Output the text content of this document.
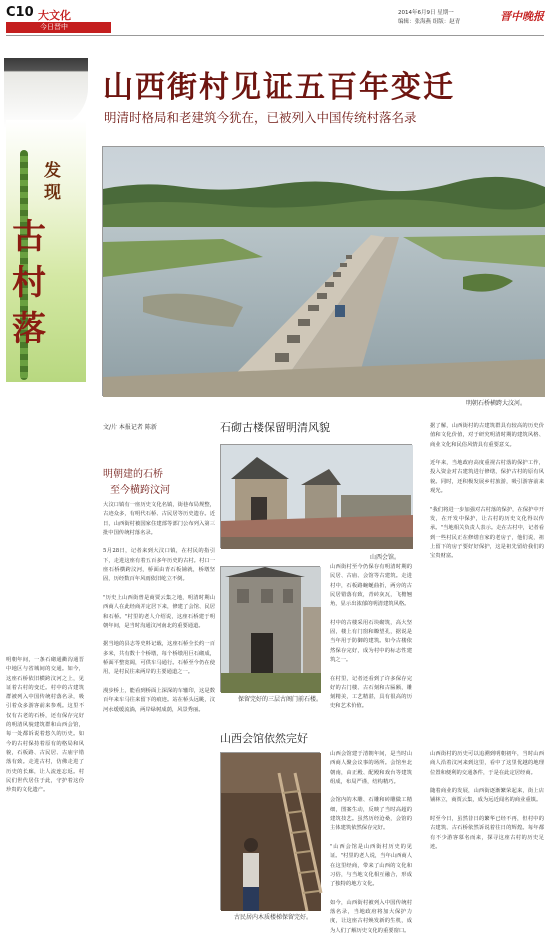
C10 大文化
今日晋中
2014年6月9日 星期一
编辑：张海燕 组版：赵青	晋中晚报
发现
古村落
明朝年间，一条石砌通衢沟通晋中地区与省城间的交通。如今，这座石桥依旧横跨汶河之上，见证着古村的变迁。村中的古建筑群被列入中国传统村落名录，吸引着众多游客前来参观。这里不仅有古老的石桥，还有保存完好的明清风貌建筑群和山西会馆，每一处都诉说着悠久的历史。如今的古村保持着原有的格局和风貌，石板路、古民居、古庙宇错落有致。走进古村，仿佛走进了历史的长廊，让人流连忘返。村民们世代居住于此，守护着这份珍贵的文化遗产。
山西街村见证五百年变迁
明清时格局和老建筑今犹在，已被列入中国传统村落名录
明朝石桥横跨大汶河。
文/片 本报记者 陈新	石砌古楼保留明清风貌
明朝建的石桥
至今横跨汶河
山西会馆。
保留完好的三层古阁门前石楼。
山西会馆依然完好
古民居内木质楼梯保留完好。
大汶口镇有一座历史文化名镇，街巷布局规整，古迹众多，有明代石桥、古民居等历史遗存。近日，山西街村被国家住建部等部门公布列入第三批中国传统村落名录。

5月28日，记者来到大汶口镇，在村民的指引下，走进这座有着五百多年历史的古村。村口一座石桥横跨汶河，桥面由青石板铺就，桥墩坚固，历经数百年风雨依旧屹立不倒。

"历史上山西街曾是商贾云集之地，明清时期山西商人在此经商并定居下来，修建了会馆、民居和石桥。"村里的老人介绍说，这座石桥建于明朝年间，是当时沟通汶河南北的重要通道。

据当地的县志等史料记载，这座石桥全长约一百多米，共有数十个桥墩，每个桥墩用巨石砌成，桥面平整宽阔，可供车马通行。石桥至今仍在使用，是村民往来两岸的主要通道之一。

漫步桥上，能看到桥面上深深的车辙印，这是数百年来车马往来留下的痕迹。站在桥头远眺，汶河水缓缓流淌，两岸绿树成荫，风景秀丽。
山西街村至今仍保存有明清时期的民居、古庙、会馆等古建筑。走进村中，石板路蜿蜒曲折，两旁的古民居错落有致，青砖灰瓦，飞檐翘角，显示出浓郁的明清建筑风格。

村中的古楼采用石块砌筑，高大坚固，楼上有门窗和瞭望孔，据说是当年用于防御的建筑。如今古楼依然保存完好，成为村中的标志性建筑之一。

在村里，记者还看到了许多保存完好的古门楼、古石刻和古匾额，雕刻精美，工艺精湛，具有很高的历史和艺术价值。
山西会馆建于清朝年间，是当时山西商人聚会议事的场所。会馆坐北朝南，由正殿、配殿和戏台等建筑组成，布局严谨，结构精巧。

会馆内的木雕、石雕和砖雕做工精细，图案生动，反映了当时高超的建筑技艺。虽然历经沧桑，会馆的主体建筑依然保存完好。

"山西会馆是山西街村历史的见证。"村里的老人说，当年山西商人在这里经商，带来了山西的文化和习俗，与当地文化相互融合，形成了独特的地方文化。

如今，山西街村被列入中国传统村落名录，当地政府将加大保护力度，让这座古村焕发新的生机，成为人们了解历史文化的重要窗口。
据了解，山西街村的古建筑群具有较高的历史价值和文化价值，对于研究明清时期的建筑风格、商业文化和民俗风情具有重要意义。

近年来，当地政府高度重视古村落的保护工作，投入资金对古建筑进行修缮，保护古村的原有风貌。同时，还积极发展乡村旅游，吸引游客前来观光。

"我们将进一步加强对古村落的保护，在保护中开发，在开发中保护，让古村的历史文化得以传承。"当地相关负责人表示。走在古村中，记者看到一些村民正在修缮自家的老房子，他们说，祖上留下的房子要好好保护，这是祖先留给我们的宝贵财富。
山西街村的历史可以追溯到明朝初年，当时山西商人沿着汶河来到这里，看中了这里优越的地理位置和便利的交通条件，于是在此定居经商。

随着商业的发展，山西街逐渐繁荣起来，街上店铺林立，商贾云集，成为远近闻名的商业重镇。

时至今日，虽然昔日的繁华已经不再，但村中的古建筑、古石桥依然诉说着往日的辉煌。每年都有不少游客慕名而来，探寻这座古村的历史足迹。
